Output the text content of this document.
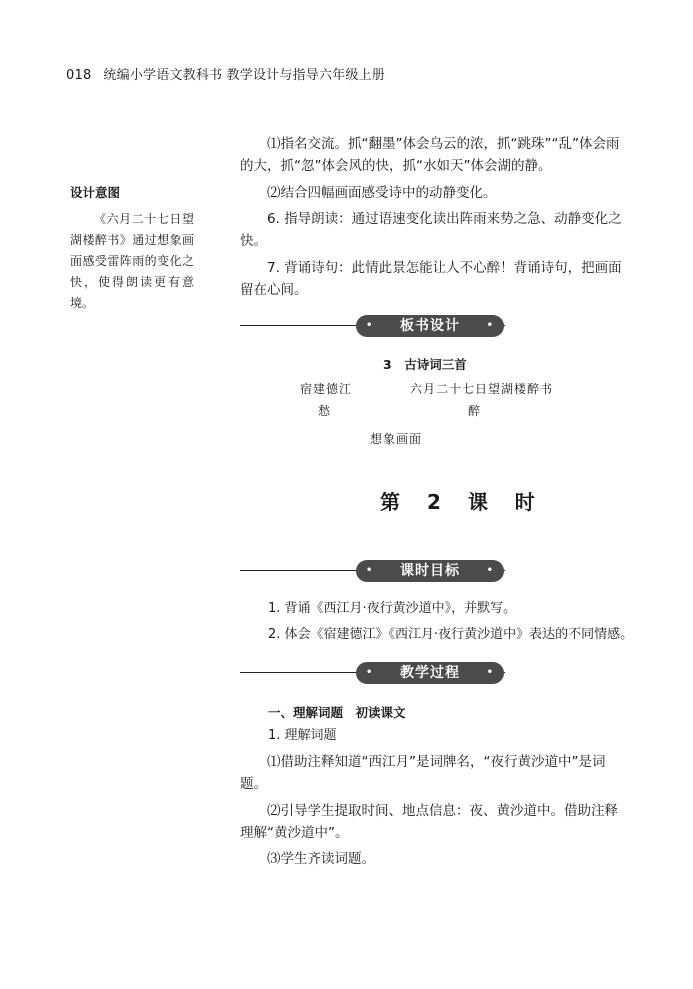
018 统编小学语文教科书 教学设计与指导六年级上册
设计意图
《六月二十七日望湖楼醉书》通过想象画面感受雷阵雨的变化之快，使得朗读更有意境。
⑴指名交流。抓“翻墨”体会乌云的浓，抓“跳珠”“乱”体会雨的大，抓“忽”体会风的快，抓“水如天”体会湖的静。
⑵结合四幅画面感受诗中的动静变化。
6. 指导朗读：通过语速变化读出阵雨来势之急、动静变化之快。
7. 背诵诗句：此情此景怎能让人不心醉！背诵诗句，把画面留在心间。
• 板书设计	•
3　古诗词三首
宿建德江
愁
六月二十七日望湖楼醉书
醉
想象画面
第 2 课 时
• 课时目标	•
1. 背诵《西江月·夜行黄沙道中》，并默写。
2. 体会《宿建德江》《西江月·夜行黄沙道中》表达的不同情感。
• 教学过程	•
一、理解词题　初读课文
1. 理解词题
⑴借助注释知道“西江月”是词牌名，“夜行黄沙道中”是词题。
⑵引导学生提取时间、地点信息：夜、黄沙道中。借助注释理解“黄沙道中”。
⑶学生齐读词题。
